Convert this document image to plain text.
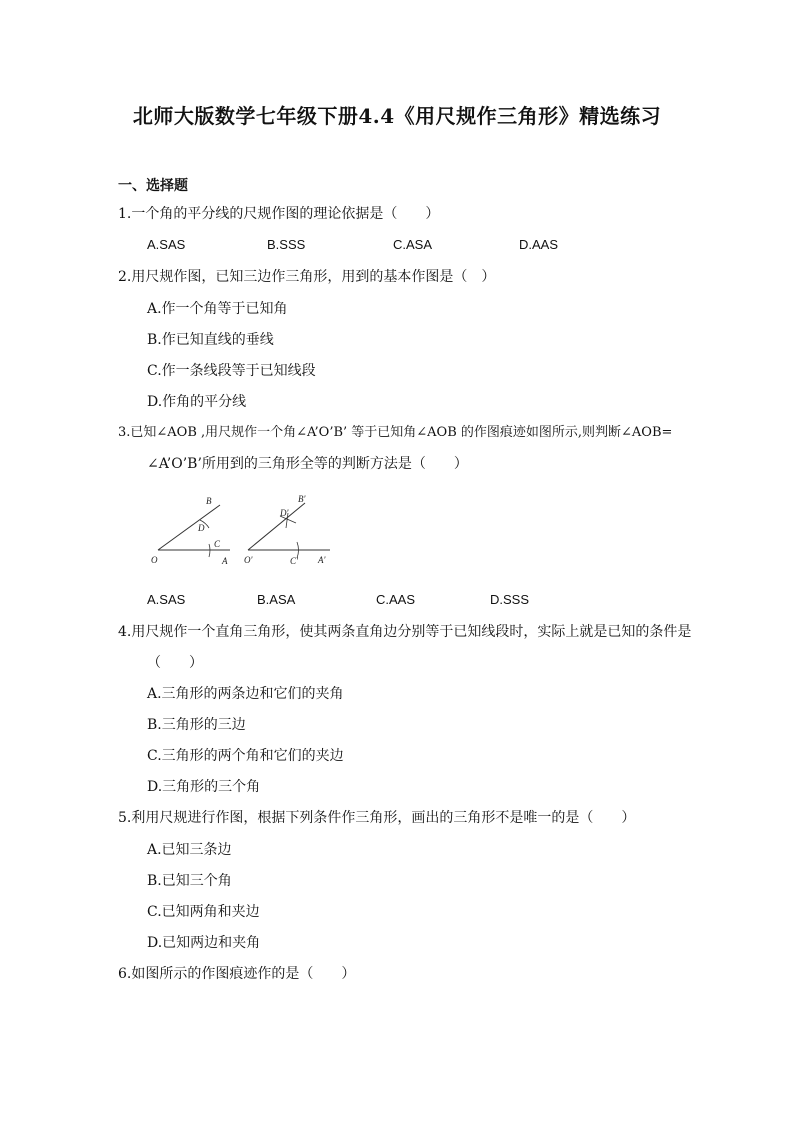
北师大版数学七年级下册4.4《用尺规作三角形》精选练习
一、选择题
1.一个角的平分线的尺规作图的理论依据是（　　）
A.SAS	B.SSS	C.ASA	D.AAS
2.用尺规作图，已知三边作三角形，用到的基本作图是（　）
A.作一个角等于已知角
B.作已知直线的垂线
C.作一条线段等于已知线段
D.作角的平分线
3.已知∠AOB ,用尺规作一个角∠A’O’B’ 等于已知角∠AOB 的作图痕迹如图所示,则判断∠AOB=
∠A’O’B’所用到的三角形全等的判断方法是（　　）
B
D
O
C
A
B'
D'
O'	C' A'
A.SAS	B.ASA	C.AAS	D.SSS
4.用尺规作一个直角三角形，使其两条直角边分别等于已知线段时，实际上就是已知的条件是
（　　）
A.三角形的两条边和它们的夹角
B.三角形的三边
C.三角形的两个角和它们的夹边
D.三角形的三个角
5.利用尺规进行作图，根据下列条件作三角形，画出的三角形不是唯一的是（　　）
A.已知三条边
B.已知三个角
C.已知两角和夹边
D.已知两边和夹角
6.如图所示的作图痕迹作的是（　　）
